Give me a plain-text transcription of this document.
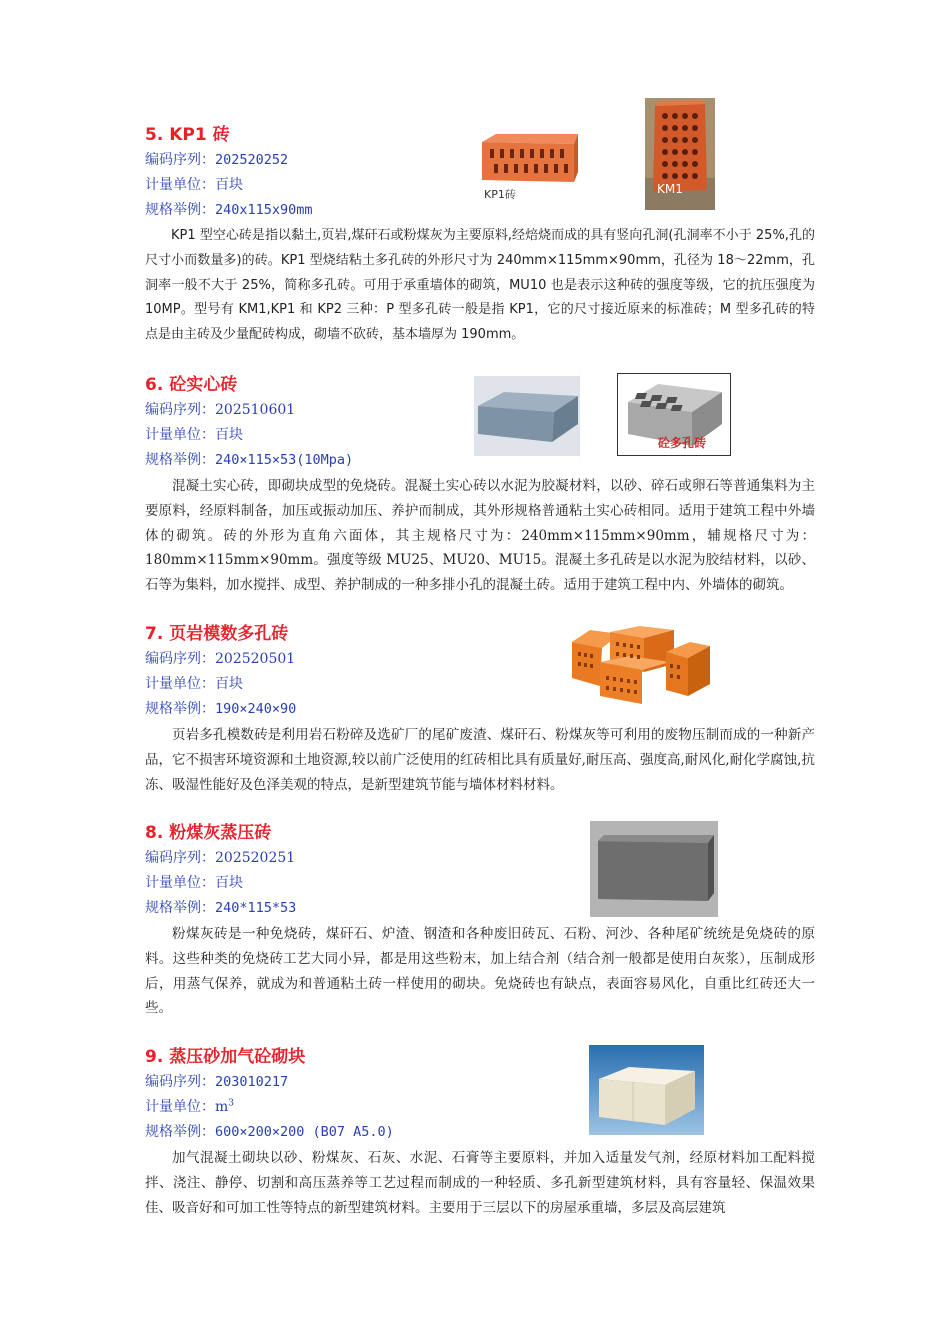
5. KP1 砖

编码序列：202520252

计量单位：百块

规格举例：240x115x90mm

KP1 型空心砖是指以黏土,页岩,煤矸石或粉煤灰为主要原料,经焙烧而成的具有竖向孔洞(孔洞率不小于 25%,孔的尺寸小而数量多)的砖。KP1 型烧结粘土多孔砖的外形尺寸为 240mm×115mm×90mm，孔径为 18～22mm，孔洞率一般不大于 25%，简称多孔砖。可用于承重墙体的砌筑，MU10 也是表示这种砖的强度等级，它的抗压强度为 10MP。型号有 KM1,KP1 和 KP2 三种：P 型多孔砖一般是指 KP1，它的尺寸接近原来的标准砖；M 型多孔砖的特点是由主砖及少量配砖构成，砌墙不砍砖，基本墙厚为 190mm。

KP1砖	KM1

6. 砼实心砖

编码序列：202510601

计量单位：百块

规格举例：240×115×53(10Mpa)

混凝土实心砖，即砌块成型的免烧砖。混凝土实心砖以水泥为胶凝材料，以砂、碎石或卵石等普通集料为主要原料，经原料制备，加压或振动加压、养护而制成，其外形规格普通粘土实心砖相同。适用于建筑工程中外墙体的砌筑。砖的外形为直角六面体，其主规格尺寸为：240mm×115mm×90mm，辅规格尺寸为：180mm×115mm×90mm。强度等级 MU25、MU20、MU15。混凝土多孔砖是以水泥为胶结材料，以砂、石等为集料，加水搅拌、成型、养护制成的一种多排小孔的混凝土砖。适用于建筑工程中内、外墙体的砌筑。

砼多孔砖

7. 页岩模数多孔砖

编码序列：202520501

计量单位：百块

规格举例：190×240×90

页岩多孔模数砖是利用岩石粉碎及选矿厂的尾矿废渣、煤矸石、粉煤灰等可利用的废物压制而成的一种新产品，它不损害环境资源和土地资源,较以前广泛使用的红砖相比具有质量好,耐压高、强度高,耐风化,耐化学腐蚀,抗冻、吸湿性能好及色泽美观的特点，是新型建筑节能与墙体材料材料。

8. 粉煤灰蒸压砖

编码序列：202520251

计量单位：百块

规格举例：240*115*53

粉煤灰砖是一种免烧砖，煤矸石、炉渣、钢渣和各种废旧砖瓦、石粉、河沙、各种尾矿统统是免烧砖的原料。这些种类的免烧砖工艺大同小异，都是用这些粉末，加上结合剂（结合剂一般都是使用白灰浆），压制成形后，用蒸气保养，就成为和普通粘土砖一样使用的砌块。免烧砖也有缺点，表面容易风化，自重比红砖还大一些。

9. 蒸压砂加气砼砌块

编码序列：203010217

计量单位：$m^3$

规格举例：600×200×200 (B07 A5.0)

加气混凝土砌块以砂、粉煤灰、石灰、水泥、石膏等主要原料，并加入适量发气剂，经原材料加工配料搅拌、浇注、静停、切割和高压蒸养等工艺过程而制成的一种轻质、多孔新型建筑材料，具有容量轻、保温效果佳、吸音好和可加工性等特点的新型建筑材料。主要用于三层以下的房屋承重墙，多层及高层建筑
